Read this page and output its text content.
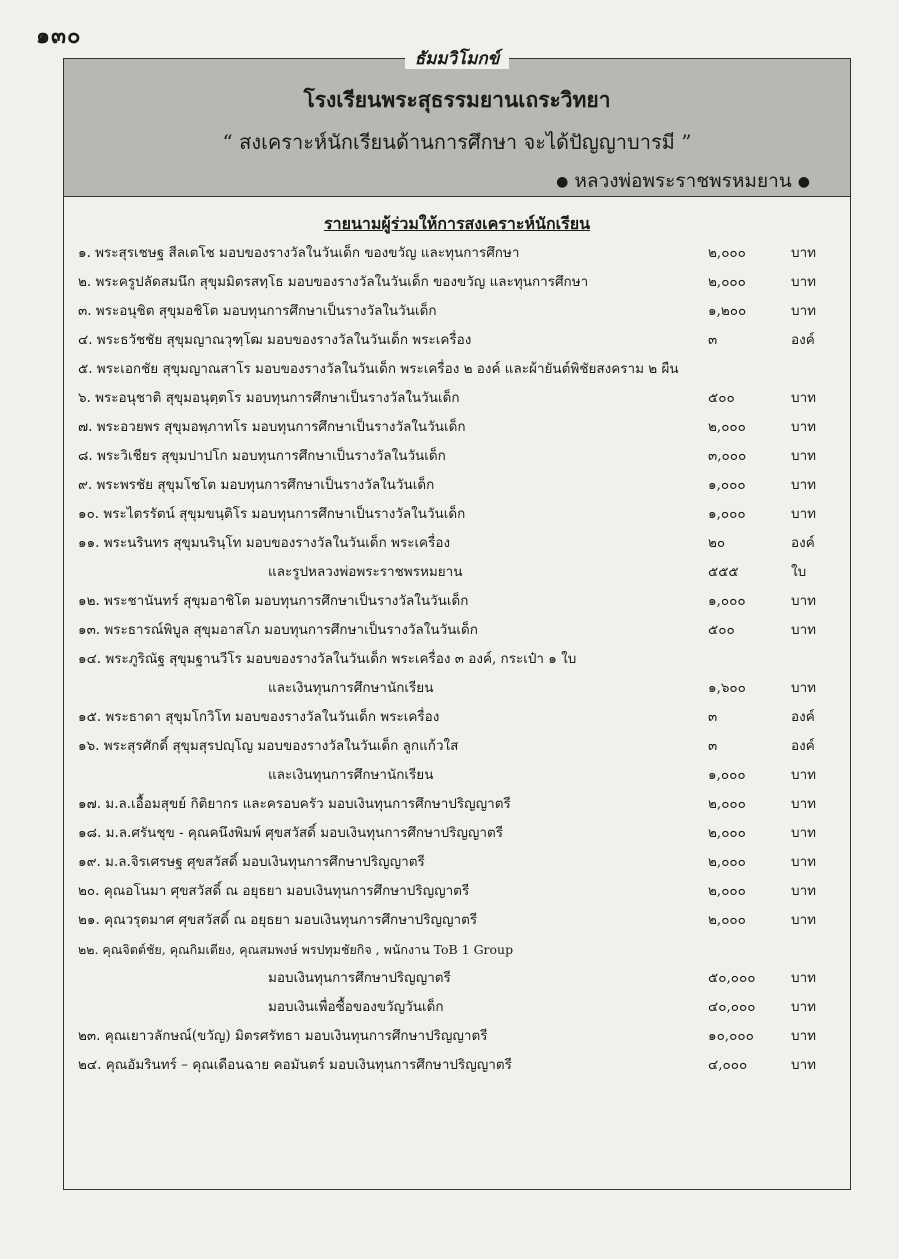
๑๓๐
ธัมมวิโมกข์
โรงเรียนพระสุธรรมยานเถระวิทยา
“ สงเคราะห์นักเรียนด้านการศึกษา จะได้ปัญญาบารมี ”
● หลวงพ่อพระราชพรหมยาน ●
รายนามผู้ร่วมให้การสงเคราะห์นักเรียน
๑. พระสุรเชษฐ สีลเตโช มอบของรางวัลในวันเด็ก ของขวัญ และทุนการศึกษา	๒,๐๐๐	บาท
๒. พระครูปลัดสมนึก สุขุมมิตรสทฺโธ มอบของรางวัลในวันเด็ก ของขวัญ และทุนการศึกษา	๒,๐๐๐	บาท
๓. พระอนุชิต สุขุมอชิโต มอบทุนการศึกษาเป็นรางวัลในวันเด็ก	๑,๒๐๐	บาท
๔. พระธวัชชัย สุขุมญาณวุฑฺโฒ มอบของรางวัลในวันเด็ก พระเครื่อง	๓	องค์
๕. พระเอกชัย สุขุมญาณสาโร มอบของรางวัลในวันเด็ก พระเครื่อง ๒ องค์ และผ้ายันต์พิชัยสงคราม ๒ ผืน
๖. พระอนุชาติ สุขุมอนุตฺตโร มอบทุนการศึกษาเป็นรางวัลในวันเด็ก	๕๐๐	บาท
๗. พระอวยพร สุขุมอพฺภาทโร มอบทุนการศึกษาเป็นรางวัลในวันเด็ก	๒,๐๐๐	บาท
๘. พระวิเชียร สุขุมปาปโก มอบทุนการศึกษาเป็นรางวัลในวันเด็ก	๓,๐๐๐	บาท
๙. พระพรชัย สุขุมโชโต มอบทุนการศึกษาเป็นรางวัลในวันเด็ก	๑,๐๐๐	บาท
๑๐. พระไตรรัตน์ สุขุมขนฺติโร มอบทุนการศึกษาเป็นรางวัลในวันเด็ก	๑,๐๐๐	บาท
๑๑. พระนรินทร สุขุมนรินฺโท มอบของรางวัลในวันเด็ก พระเครื่อง	๒๐	องค์
และรูปหลวงพ่อพระราชพรหมยาน	๕๕๕	ใบ
๑๒. พระชานันทร์ สุขุมอาชิโต มอบทุนการศึกษาเป็นรางวัลในวันเด็ก	๑,๐๐๐	บาท
๑๓. พระธารณ์พิบูล สุขุมอาสโภ มอบทุนการศึกษาเป็นรางวัลในวันเด็ก	๕๐๐	บาท
๑๔. พระภูริณัฐ สุขุมฐานวีโร มอบของรางวัลในวันเด็ก พระเครื่อง ๓ องค์, กระเป๋า ๑ ใบ
และเงินทุนการศึกษานักเรียน	๑,๖๐๐	บาท
๑๕. พระธาดา สุขุมโกวิโท มอบของรางวัลในวันเด็ก พระเครื่อง	๓	องค์
๑๖. พระสุรศักดิ์ สุขุมสุรปญฺโญ มอบของรางวัลในวันเด็ก ลูกแก้วใส	๓	องค์
และเงินทุนการศึกษานักเรียน	๑,๐๐๐	บาท
๑๗. ม.ล.เอื้อมสุขย์ กิติยากร และครอบครัว มอบเงินทุนการศึกษาปริญญาตรี	๒,๐๐๐	บาท
๑๘. ม.ล.ศรันชุข - คุณคนึงพิมพ์ ศุขสวัสดิ์ มอบเงินทุนการศึกษาปริญญาตรี	๒,๐๐๐	บาท
๑๙. ม.ล.จิรเศรษฐ ศุขสวัสดิ์ มอบเงินทุนการศึกษาปริญญาตรี	๒,๐๐๐	บาท
๒๐. คุณอโนมา ศุขสวัสดิ์ ณ อยุธยา มอบเงินทุนการศึกษาปริญญาตรี	๒,๐๐๐	บาท
๒๑. คุณวรุตมาศ ศุขสวัสดิ์ ณ อยุธยา มอบเงินทุนการศึกษาปริญญาตรี	๒,๐๐๐	บาท
๒๒. คุณจิตต์ชัย, คุณกิมเตียง, คุณสมพงษ์ พรปทุมชัยกิจ , พนักงาน ToB 1 Group
มอบเงินทุนการศึกษาปริญญาตรี	๕๐,๐๐๐	บาท
มอบเงินเพื่อซื้อของขวัญวันเด็ก	๔๐,๐๐๐	บาท
๒๓. คุณเยาวลักษณ์(ขวัญ) มิตรศรัทธา มอบเงินทุนการศึกษาปริญญาตรี	๑๐,๐๐๐	บาท
๒๔. คุณอัมรินทร์ – คุณเดือนฉาย คอมันตร์ มอบเงินทุนการศึกษาปริญญาตรี	๔,๐๐๐	บาท
